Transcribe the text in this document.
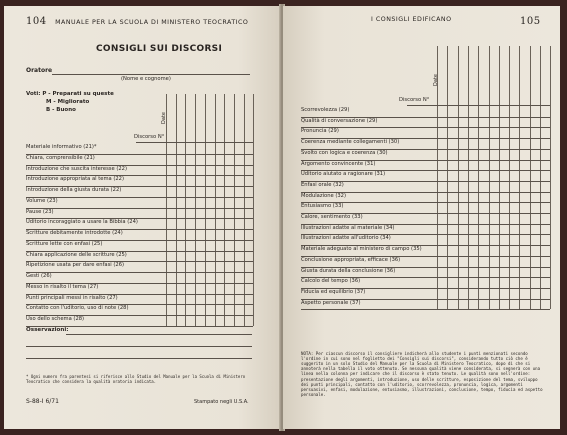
104 MANUALE PER LA SCUOLA DI MINISTERO TEOCRATICO
CONSIGLI SUI DISCORSI
Oratore
(Nome e cognome)
Voti: P - Preparati su queste
M - Migliorato
B - Buono
Date
Discorso N°
Osservazioni:
* Ogni numero fra parentesi si riferisce allo Studio del Manuale per la Scuola di Ministero Teocratico che considera la qualità oratoria indicata.
S-88-I 6/71	Stampato negli U.S.A.
Materiale informativo (21)*
Chiara, comprensibile (21)
Introduzione che suscita interesse (22)
Introduzione appropriata al tema (22)
Introduzione della giusta durata (22)
Volume (23)
Pause (23)
Uditorio incoraggiato a usare la Bibbia (24)
Scritture debitamente introdotte (24)
Scritture lette con enfasi (25)
Chiara applicazione delle scritture (25)
Ripetizione usata per dare enfasi (26)
Gesti (26)
Messo in risalto il tema (27)
Punti principali messi in risalto (27)
Contatto con l'uditorio, uso di note (28)
Uso dello schema (28)
I CONSIGLI EDIFICANO	105
Date
Discorso N°
NOTA: Per ciascun discorso il consigliere indicherà allo studente i punti menzionati secondo l'ordine in cui sono nel foglietto dei "Consigli sui discorsi", considerando tutto ciò che è suggerito in un solo Studio del Manuale per la Scuola di Ministero Teocratico, dopo di che si annoterà nella tabella il voto ottenuto. Se nessuna qualità viene considerata, si segnerà con una linea nella colonna per indicare che il discorso è stato tenuto. Le qualità sono nell'ordine: presentazione degli argomenti, introduzione, uso delle scritture, esposizione del tema, sviluppo dei punti principali, contatto con l'uditorio, scorrevolezza, pronuncia, logica, argomenti persuasivi, enfasi, modulazione, entusiasmo, illustrazioni, conclusione, tempo, fiducia ed aspetto personale.
Scorrevolezza (29)
Qualità di conversazione (29)
Pronuncia (29)
Coerenza mediante collegamenti (30)
Svolto con logica e coerenza (30)
Argomento convincente (31)
Uditorio aiutato a ragionare (31)
Enfasi orale (32)
Modulazione (32)
Entusiasmo (33)
Calore, sentimento (33)
Illustrazioni adatte al materiale (34)
Illustrazioni adatte all'uditorio (34)
Materiale adeguato al ministero di campo (35)
Conclusione appropriata, efficace (36)
Giusta durata della conclusione (36)
Calcolo del tempo (36)
Fiducia ed equilibrio (37)
Aspetto personale (37)
